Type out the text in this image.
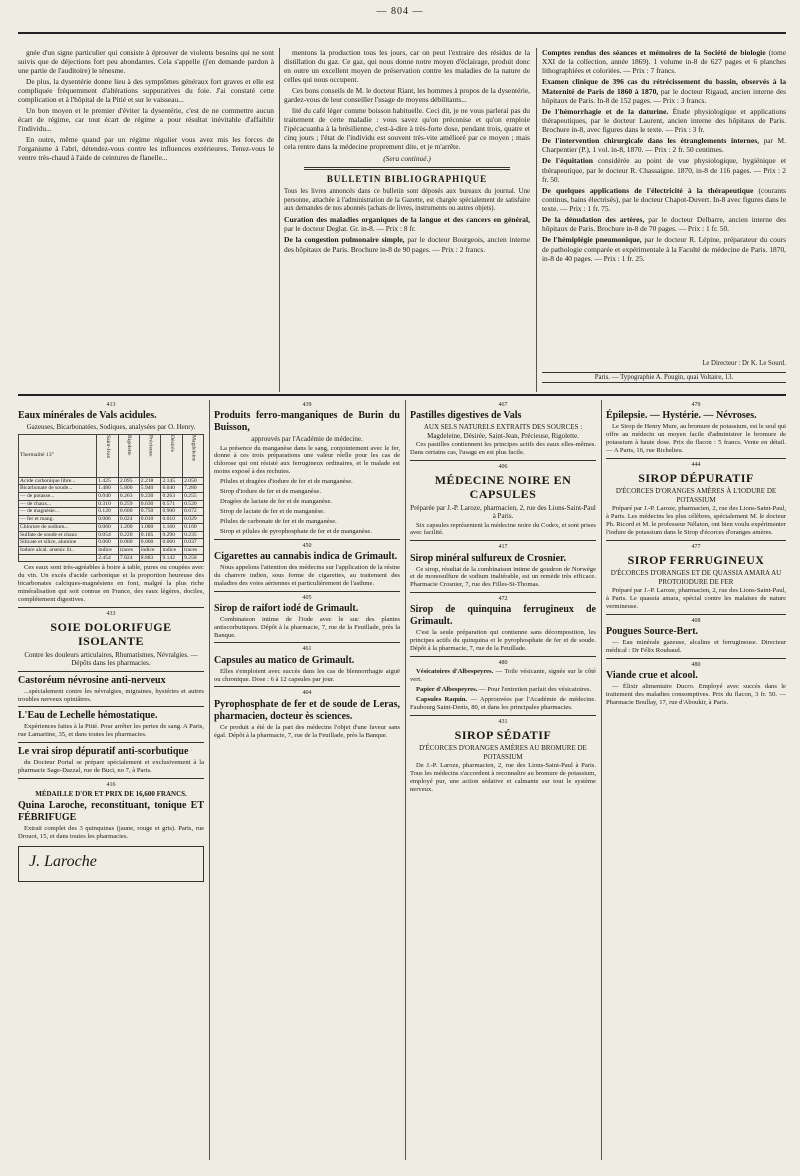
— 804 —

gnée d'un signe particulier qui consiste à éprouver de violents besoins qui ne sont suivis que de déjections fort peu abondantes. Cela s'appelle (j'en demande pardon à une partie de l'auditoire) le ténesme.

De plus, la dysentérie donne lieu à des symptômes généraux fort graves et elle est compliquée fréquemment d'altérations suppuratives du foie. J'ai constaté cette complication et à l'hôpital de la Pitié et sur le vaisseau...

Un bon moyen et le premier d'éviter la dysentérie, c'est de ne commettre aucun écart de régime, car tout écart de régime a pour résultat inévitable d'affaiblir l'individu...

En outre, même quand par un régime régulier vous avez mis les forces de l'organisme à l'abri, détendez-vous contre les influences extérieures. Tenez-vous le ventre très-chaud à l'aide de ceintures de flanelle...

mentons la production tous les jours, car on peut l'extraire des résidus de la distillation du gaz. Ce gaz, qui nous donne notre moyen d'éclairage, produit donc en outre un excellent moyen de préservation contre les maladies de la nature de celles qui nous occupent.

Ces bons conseils de M. le docteur Riant, les hommes à propos de la dysentérie, gardez-vous de leur conseiller l'usage de moyens débilitants...

lité du café léger comme boisson habituelle. Ceci dit, je ne vous parlerai pas du traitement de cette maladie : vous savez qu'on préconise et qu'on emploie l'ipécacuanha à la brésilienne, c'est-à-dire à très-forte dose, pendant trois, quatre et cinq jours ; l'état de l'individu est souvent très-vite amélioré par ce moyen ; mais cela rentre dans la médecine proprement dite, et je m'arrête.

(Sera continué.)
BULLETIN BIBLIOGRAPHIQUE

Tous les livres annoncés dans ce bulletin sont déposés aux bureaux du journal. Une personne, attachée à l'administration de la Gazette, est chargée spécialement de satisfaire aux demandes de nos abonnés (achats de livres, instruments ou autres objets).

Curation des maladies organiques de la langue et des cancers en général, par le docteur Deglat. Gr. in-8. — Prix : 8 fr.

De la congestion pulmonaire simple, par le docteur Bourgeois, ancien interne des hôpitaux de Paris. Brochure in-8 de 90 pages. — Prix : 2 francs.

Comptes rendus des séances et mémoires de la Société de biologie (tome XXI de la collection, année 1869). 1 volume in-8 de 627 pages et 6 planches lithographiées et coloriées. — Prix : 7 francs.

Examen clinique de 396 cas du rétrécissement du bassin, observés à la Maternité de Paris de 1860 à 1870, par le docteur Rigaud, ancien interne des hôpitaux de Paris. In-8 de 152 pages. — Prix : 3 francs.

De l'hémorrhagie et de la daturine. Étude physiologique et applications thérapeutiques, par le docteur Laurent, ancien interne des hôpitaux de Paris. Brochure in-8, avec figures dans le texte. — Prix : 3 fr.

De l'intervention chirurgicale dans les étranglements internes, par M. Charpentier (P.), 1 vol. in-8, 1870. — Prix : 2 fr. 50 centimes.

De l'équitation considérée au point de vue physiologique, hygiénique et thérapeutique, par le docteur R. Chassaigne. 1870, in-8 de 116 pages. — Prix : 2 fr. 50.

De quelques applications de l'électricité à la thérapeutique (courants continus, bains électrisés), par le docteur Chapot-Duvert. In-8 avec figures dans le texte. — Prix : 1 fr. 75.

De la dénudation des artères, par le docteur Delbarre, ancien interne des hôpitaux de Paris. Brochure in-8 de 70 pages. — Prix : 1 fr. 50.

De l'hémiplégie pneumonique, par le docteur R. Lépine, préparateur du cours de pathologie comparée et expérimentale à la Faculté de médecine de Paris. 1870, in-8 de 40 pages. — Prix : 1 fr. 25.

Le Directeur : Dr K. Le Sourd.
Paris. — Typographie A. Pougin, quai Voltaire, 13.
413
Eaux minérales de Vals acidules.
Gazeuses, Bicarbonatées, Sodiques, analysées par O. Henry.
Thermalité 13°	Saint-Jean	Rigolette	Précieuse	Désirée	Magdeleine
Acide carbonique libre...	1.425	2.095	2.218	2.145	2.050
Bicarbonate de soude...	1.480	5.800	5.940	6.040	7.280
— de potasse...	0.040	0.263	0.230	0.263	0.255
— de chaux...	0.310	0.259	0.630	0.571	0.520
— de magnésie...	0.120	0.600	0.750	0.900	0.672
— fer et mang.	0.006	0.024	0.010	0.010	0.029
Chlorure de sodium...	0.060	1.200	1.080	1.160	0.160
Sulfate de soude et chaux	0.054	0.220	0.185	0.290	0.235
Silicate et silice, alumine	0.060	0.060	0.060	0.060	0.037
Iodure alcal. arsenic lit..	indice	traces	indice	indice	traces
	2.454	7.824	8.883	9.142	9.258

Ces eaux sont très-agréables à boire à table, pures ou coupées avec du vin. Un excès d'acide carbonique et la proportion heureuse des bicarbonates calciques-magnésiens en font, malgré la plus riche minéralisation qui soit connue en France, des eaux légères, dociles, complétement digestives.

433
SOIE DOLORIFUGE ISOLANTE
Contre les douleurs articulaires, Rhumatismes, Névralgies. — Dépôts dans les pharmacies.
Castoréum névrosine anti-nerveux

...spécialement contre les névralgies, migraines, hystéries et autres troubles nerveux opiniâtres.

L'Eau de Lechelle hémostatique.

Expériences faites à la Pitié. Pour arrêter les pertes de sang. A Paris, rue Lamartine, 35, et dans toutes les pharmacies.

Le vrai sirop dépuratif anti-scorbutique

du Docteur Portal se prépare spécialement et exclusivement à la pharmacie Sage-Dazzal, rue de Buci, no 7, à Paris.

416
MÉDAILLE D'OR ET PRIX DE 16,600 FRANCS.
Quina Laroche, reconstituant, tonique ET FÉBRIFUGE

Extrait complet des 3 quinquinas (jaune, rouge et gris). Paris, rue Drouot, 15, et dans toutes les pharmacies.

J. Laroche
439
Produits ferro-manganiques de Burin du Buisson,
approuvés par l'Académie de médecine.

La présence du manganèse dans le sang, conjointement avec le fer, donne à ces trois préparations une valeur réelle pour les cas de chlorose qui ont résisté aux ferrugineux ordinaires, et le malade est moins exposé à des rechutes.

Pilules et dragées d'iodure de fer et de manganèse.

Sirop d'iodure de fer et de manganèse.

Dragées de lactate de fer et de manganèse.

Sirop de lactate de fer et de manganèse.

Pilules de carbonate de fer et de manganèse.

Sirop et pilules de pyrophosphate de fer et de manganèse.

450
Cigarettes au cannabis indica de Grimault.

Nous appelons l'attention des médecins sur l'application de la résine du chanvre indien, sous forme de cigarettes, au traitement des maladies des voies aériennes et particulièrement de l'asthme.

405
Sirop de raifort iodé de Grimault.

Combinaison intime de l'iode avec le suc des plantes antiscorbutiques. Dépôt à la pharmacie, 7, rue de la Feuillade, près la Banque.

461
Capsules au matico de Grimault.

Elles s'emploient avec succès dans les cas de blennorrhagie aiguë ou chronique. Dose : 6 à 12 capsules par jour.

404
Pyrophosphate de fer et de soude de Leras, pharmacien, docteur ès sciences.

Ce produit a été de la part des médecins l'objet d'une faveur sans égal. Dépôt à la pharmacie, 7, rue de la Feuillade, près la Banque.

467
Pastilles digestives de Vals
AUX SELS NATURELS EXTRAITS DES SOURCES : Magdeleine, Désirée, Saint-Jean, Précieuse, Rigolette.

Ces pastilles contiennent les principes actifs des eaux elles-mêmes. Dans certains cas, l'usage en est plus facile.

406
MÉDECINE NOIRE EN CAPSULES
Préparée par J.-P. Laroze, pharmacien, 2, rue des Lions-Saint-Paul à Paris.

Six capsules représentent la médecine noire du Codex, et sont prises avec facilité.

417
Sirop minéral sulfureux de Crosnier.

Ce sirop, résultat de la combinaison intime de goudron de Norwége et de monosulfure de sodium inaltérable, est un remède très efficace. Pharmacie Crosnier, 7, rue des Filles-St-Thomas.

472
Sirop de quinquina ferrugineux de Grimault.

C'est la seule préparation qui contienne sans décomposition, les principes actifs du quinquina et le pyrophosphate de fer et de soude. Dépôt à la pharmacie, 7, rue de la Feuillade.

480

Vésicatoires d'Albespeyres. — Toile vésicante, signée sur le côté vert.

Papier d'Albespeyres. — Pour l'entretien parfait des vésicatoires.

Capsules Raquin. — Approuvées par l'Académie de médecine. Faubourg Saint-Denis, 80, et dans les principales pharmacies.

431
SIROP SÉDATIF
D'ÉCORCES D'ORANGES AMÈRES AU BROMURE DE POTASSIUM

De J.-P. Laroze, pharmacien, 2, rue des Lions-Saint-Paul à Paris. Tous les médecins s'accordent à reconnaître au bromure de potassium, employé pur, une action sédative et calmante sur tout le système nerveux.

479
Épilepsie. — Hystérie. — Névroses.

Le Sirop de Henry Mure, au bromure de potassium, est le seul qui offre au médecin un moyen facile d'administrer le bromure de potassium à haute dose. Prix du flacon : 5 francs. Vente en détail. — A Paris, 16, rue Richelieu.

444
SIROP DÉPURATIF
D'ÉCORCES D'ORANGES AMÈRES À L'IODURE DE POTASSIUM

Préparé par J.-P. Laroze, pharmacien, 2, rue des Lions-Saint-Paul, à Paris. Les médecins les plus célèbres, spécialement M. le docteur Ph. Ricord et M. le professeur Nélaton, ont bien voulu expérimenter l'iodure de potassium dans le Sirop d'écorces d'oranges amères.

477
SIROP FERRUGINEUX
D'ÉCORCES D'ORANGES ET DE QUASSIA AMARA AU PROTOIODURE DE FER

Préparé par J.-P. Laroze, pharmacien, 2, rue des Lions-Saint-Paul, à Paris. Le quassia amara, spécial contre les malaises de nature vermineuse.

408
Pougues Source-Bert.

— Eau minérale gazeuse, alcaline et ferrugineuse. Directeur médical : Dr Félix Roubaud.

480
Viande crue et alcool.

— Élixir alimentaire Ducro. Employé avec succès dans le traitement des maladies consomptives. Prix du flacon, 3 fr. 50. — Pharmacie Boullay, 17, rue d'Aboukir, à Paris.
